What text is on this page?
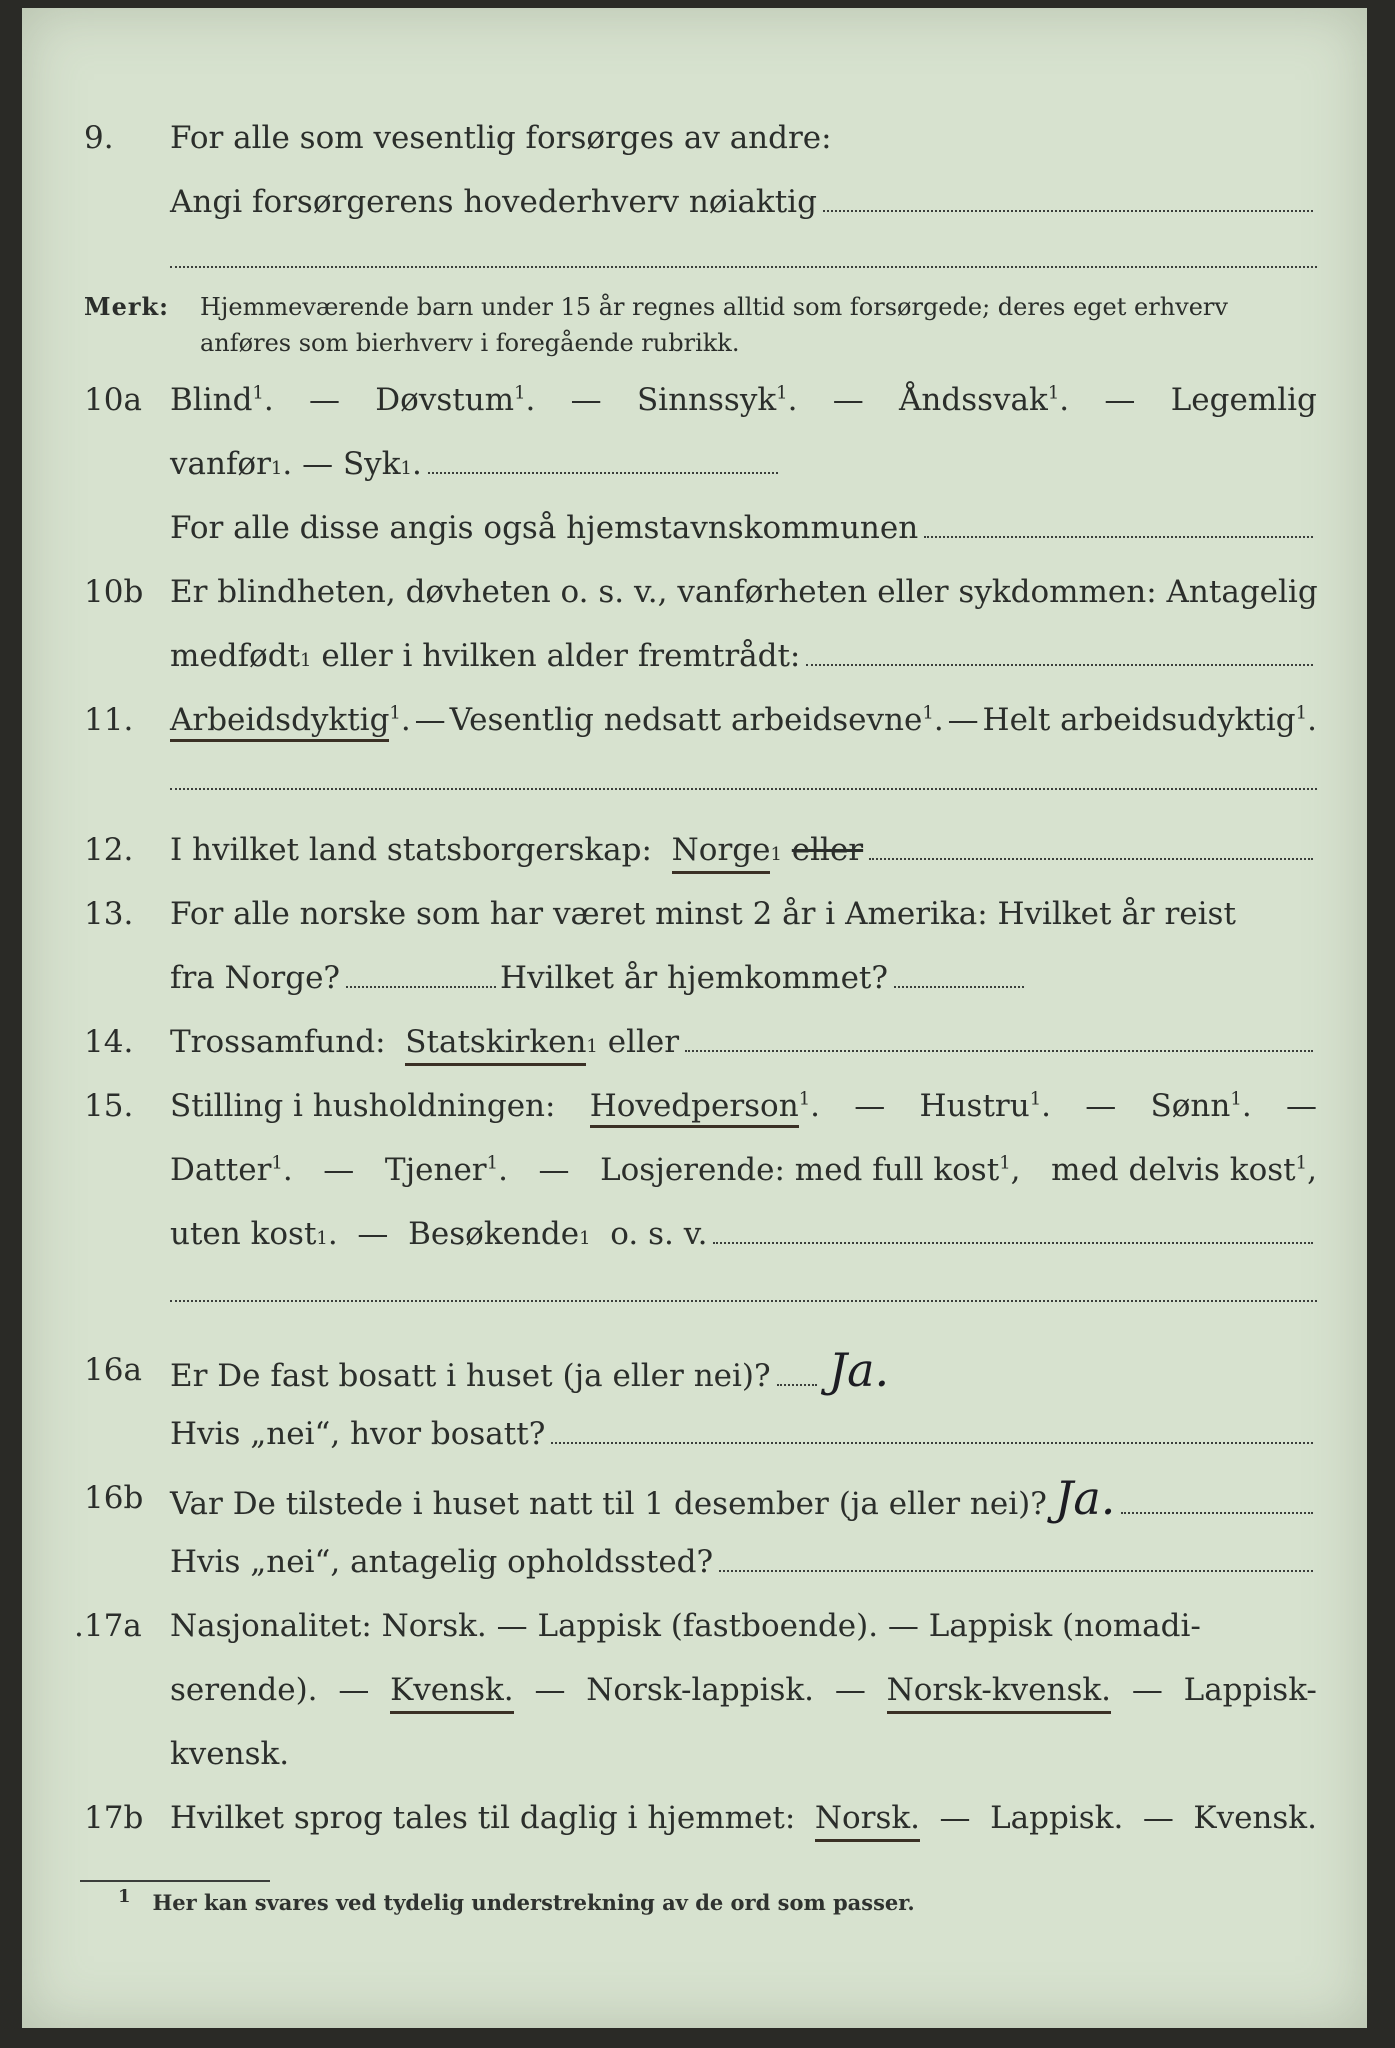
9. For alle som vesentlig forsørges av andre:
Angi forsørgerens hovederhverv nøiaktig
Merk: Hjemmeværende barn under 15 år regnes alltid som forsørgede; deres eget erhverv
anføres som bierhverv i foregående rubrikk.
10a Blind$^1$. — Døvstum$^1$. — Sinnssyk$^1$. — Åndssvak$^1$. — Legemlig
vanfør 1 . — Syk 1 .
For alle disse angis også hjemstavnskommunen
10b Er blindheten, døvheten o. s. v., vanførheten eller sykdommen: Antagelig
medfødt 1
eller i hvilken alder fremtrådt:
11. Arbeidsdyktig$^1$. — Vesentlig nedsatt arbeidsevne$^1$. — Helt arbeidsudyktig$^1$.
12. I hvilket land statsborgerskap:
Norge 1
eller
13. For alle norske som har været minst 2 år i Amerika: Hvilket år reist
fra Norge?	Hvilket år hjemkommet?
14. Trossamfund:
Statskirken 1
eller
15. Stilling i husholdningen: Hovedperson$^1$. — Hustru$^1$. — Sønn$^1$. —
Datter$^1$. — Tjener$^1$. — Losjerende: med full kost$^1$, med delvis kost$^1$,
uten kost 1 .  — Besøkende 1
o. s. v.
16a Er De fast bosatt i huset (ja eller nei)? Ja.
Hvis „nei“, hvor bosatt?
16b Var De tilstede i huset natt til 1 desember (ja eller nei)? Ja.
Hvis „nei“, antagelig opholdssted?
.17a Nasjonalitet: Norsk. — Lappisk (fastboende). — Lappisk (nomadi-
serende). — Kvensk. — Norsk-lappisk. — Norsk-kvensk. — Lappisk-
kvensk.
17b Hvilket sprog tales til daglig i hjemmet: Norsk. — Lappisk. — Kvensk.
1 Her kan svares ved tydelig understrekning av de ord som passer.
